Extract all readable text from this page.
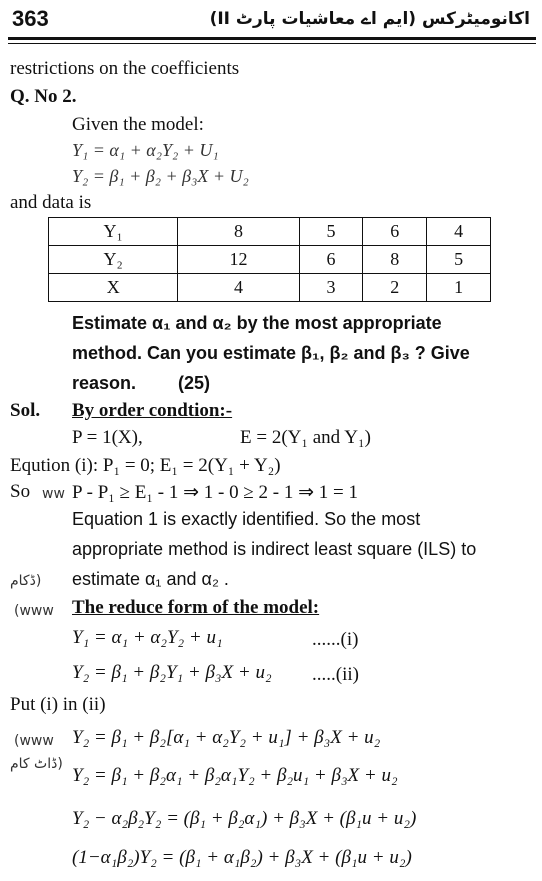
363	اکانومیٹرکس (ایم اے معاشیات پارٹ II)
restrictions on the coefficients
Q. No 2.
Given the model:
Y₁ = α₁ + α₂Y₂ + U₁
Y₂ = β₁ + β₂ + β₃X + U₂
and data is
Y₁	8	5	6	4
Y₂	12	6	8	5
X	4	3	2	1
Estimate α₁ and α₂ by the most appropriate
method. Can you estimate β₁, β₂ and β₃ ? Give
reason. (25)
Sol. By order condtion:-
P = 1(X),	E = 2(Y₁ and Y₁)
Eqution (i): P₁ = 0; E₁ = 2(Y₁ + Y₂)
So ww P - P₁ ≥ E₁ - 1 ⇒ 1 - 0 ≥ 2 - 1 ⇒ 1 = 1
Equation 1 is exactly identified. So the most
appropriate method is indirect least square (ILS) to
ڈکام) estimate α₁ and α₂ .
(www The reduce form of the model:
Y₁ = α₁ + α₂Y₂ + u₁	......(i)
Y₂ = β₁ + β₂Y₁ + β₃X + u₂ .....(ii)
Put (i) in (ii)
(www Y₂ = β₁ + β₂[α₁ + α₂Y₂ + u₁] + β₃X + u₂
ڈاٹ کام)
Y₂ = β₁ + β₂α₁ + β₂α₁Y₂ + β₂u₁ + β₃X + u₂
Y₂ − α₂β₂Y₂ = (β₁ + β₂α₁) + β₃X + (β₁u + u₂)
(1−α₁β₂)Y₂ = (β₁ + α₁β₂) + β₃X + (β₁u + u₂)
